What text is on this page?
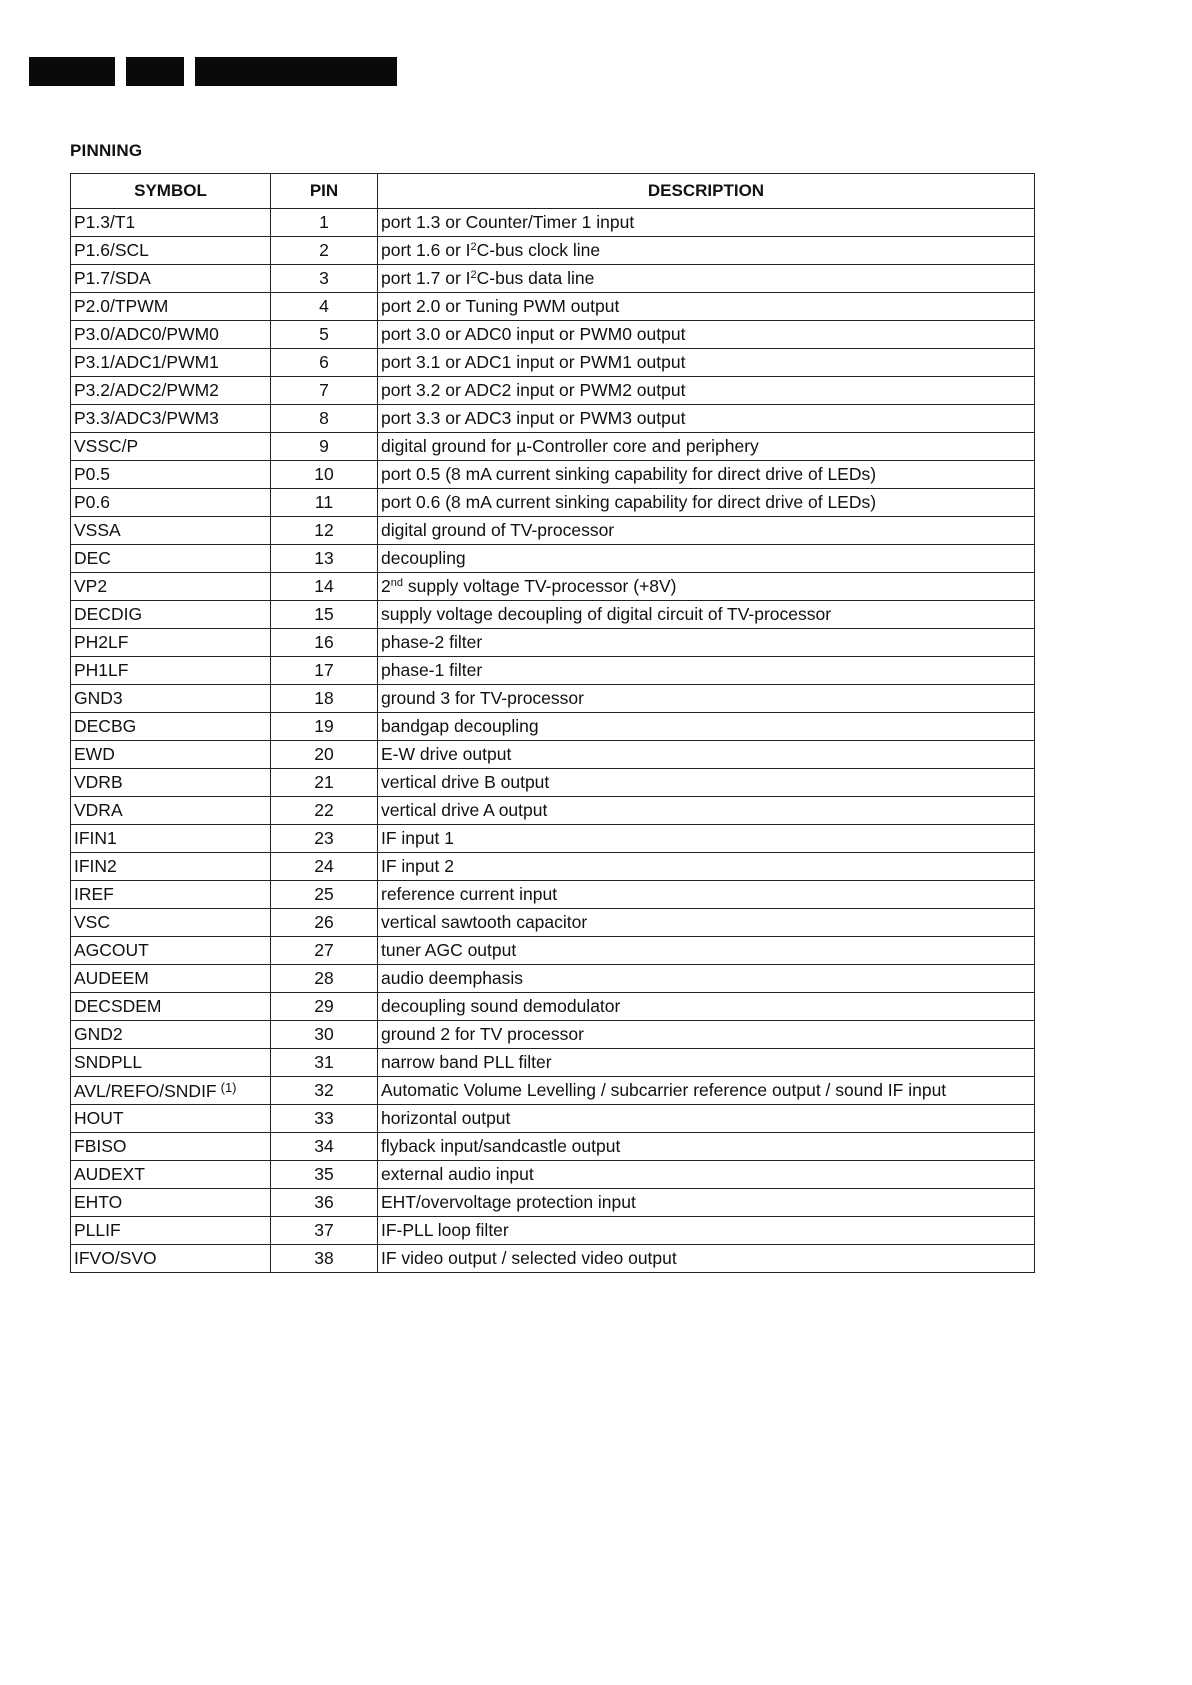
PINNING
SYMBOL	PIN	DESCRIPTION
P1.3/T1	1	port 1.3 or Counter/Timer 1 input
P1.6/SCL	2	port 1.6 or $I^2C$-bus clock line
P1.7/SDA	3	port 1.7 or $I^2C$-bus data line
P2.0/TPWM	4	port 2.0 or Tuning PWM output
P3.0/ADC0/PWM0	5	port 3.0 or ADC0 input or PWM0 output
P3.1/ADC1/PWM1	6	port 3.1 or ADC1 input or PWM1 output
P3.2/ADC2/PWM2	7	port 3.2 or ADC2 input or PWM2 output
P3.3/ADC3/PWM3	8	port 3.3 or ADC3 input or PWM3 output
VSSC/P	9	digital ground for µ-Controller core and periphery
P0.5	10	port 0.5 (8 mA current sinking capability for direct drive of LEDs)
P0.6	11	port 0.6 (8 mA current sinking capability for direct drive of LEDs)
VSSA	12	digital ground of TV-processor
DEC	13	decoupling
VP2	14	2nd supply voltage TV-processor (+8V)
DECDIG	15	supply voltage decoupling of digital circuit of TV-processor
PH2LF	16	phase-2 filter
PH1LF	17	phase-1 filter
GND3	18	ground 3 for TV-processor
DECBG	19	bandgap decoupling
EWD	20	E-W drive output
VDRB	21	vertical drive B output
VDRA	22	vertical drive A output
IFIN1	23	IF input 1
IFIN2	24	IF input 2
IREF	25	reference current input
VSC	26	vertical sawtooth capacitor
AGCOUT	27	tuner AGC output
AUDEEM	28	audio deemphasis
DECSDEM	29	decoupling sound demodulator
GND2	30	ground 2 for TV processor
SNDPLL	31	narrow band PLL filter
AVL/REFO/SNDIF $^{(1)}$	32	Automatic Volume Levelling / subcarrier reference output / sound IF input
HOUT	33	horizontal output
FBISO	34	flyback input/sandcastle output
AUDEXT	35	external audio input
EHTO	36	EHT/overvoltage protection input
PLLIF	37	IF-PLL loop filter
IFVO/SVO	38	IF video output / selected video output
